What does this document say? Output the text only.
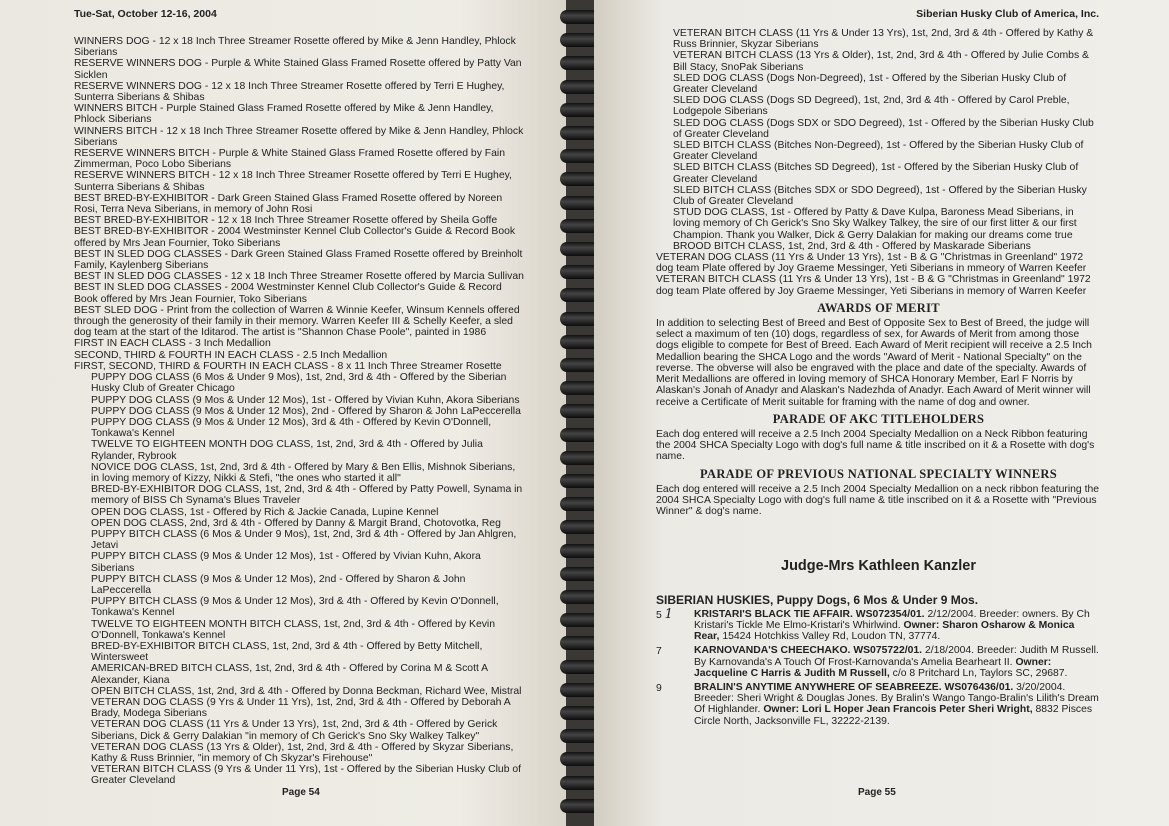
Tue-Sat, October 12-16, 2004

WINNERS DOG - 12 x 18 Inch Three Streamer Rosette offered by Mike & Jenn Handley, Phlock Siberians

RESERVE WINNERS DOG - Purple & White Stained Glass Framed Rosette offered by Patty Van Sicklen

RESERVE WINNERS DOG - 12 x 18 Inch Three Streamer Rosette offered by Terri E Hughey, Sunterra Siberians & Shibas

WINNERS BITCH - Purple Stained Glass Framed Rosette offered by Mike & Jenn Handley, Phlock Siberians

WINNERS BITCH - 12 x 18 Inch Three Streamer Rosette offered by Mike & Jenn Handley, Phlock Siberians

RESERVE WINNERS BITCH - Purple & White Stained Glass Framed Rosette offered by Fain Zimmerman, Poco Lobo Siberians

RESERVE WINNERS BITCH - 12 x 18 Inch Three Streamer Rosette offered by Terri E Hughey, Sunterra Siberians & Shibas

BEST BRED-BY-EXHIBITOR - Dark Green Stained Glass Framed Rosette offered by Noreen Rosi, Terra Neva Siberians, in memory of John Rosi

BEST BRED-BY-EXHIBITOR - 12 x 18 Inch Three Streamer Rosette offered by Sheila Goffe

BEST BRED-BY-EXHIBITOR - 2004 Westminster Kennel Club Collector's Guide & Record Book offered by Mrs Jean Fournier, Toko Siberians

BEST IN SLED DOG CLASSES - Dark Green Stained Glass Framed Rosette offered by Breinholt Family, Kaylenberg Siberians

BEST IN SLED DOG CLASSES - 12 x 18 Inch Three Streamer Rosette offered by Marcia Sullivan

BEST IN SLED DOG CLASSES - 2004 Westminster Kennel Club Collector's Guide & Record Book offered by Mrs Jean Fournier, Toko Siberians

BEST SLED DOG - Print from the collection of Warren & Winnie Keefer, Winsum Kennels offered through the generosity of their family in their memory. Warren Keefer III & Schelly Keefer, a sled dog team at the start of the Iditarod. The artist is "Shannon Chase Poole", painted in 1986

FIRST IN EACH CLASS - 3 Inch Medallion

SECOND, THIRD & FOURTH IN EACH CLASS - 2.5 Inch Medallion

FIRST, SECOND, THIRD & FOURTH IN EACH CLASS - 8 x 11 Inch Three Streamer Rosette

PUPPY DOG CLASS (6 Mos & Under 9 Mos), 1st, 2nd, 3rd & 4th - Offered by the Siberian Husky Club of Greater Chicago

PUPPY DOG CLASS (9 Mos & Under 12 Mos), 1st - Offered by Vivian Kuhn, Akora Siberians

PUPPY DOG CLASS (9 Mos & Under 12 Mos), 2nd - Offered by Sharon & John LaPeccerella

PUPPY DOG CLASS (9 Mos & Under 12 Mos), 3rd & 4th - Offered by Kevin O'Donnell, Tonkawa's Kennel

TWELVE TO EIGHTEEN MONTH DOG CLASS, 1st, 2nd, 3rd & 4th - Offered by Julia Rylander, Rybrook

NOVICE DOG CLASS, 1st, 2nd, 3rd & 4th - Offered by Mary & Ben Ellis, Mishnok Siberians, in loving memory of Kizzy, Nikki & Stefi, "the ones who started it all"

BRED-BY-EXHIBITOR DOG CLASS, 1st, 2nd, 3rd & 4th - Offered by Patty Powell, Synama in memory of BISS Ch Synama's Blues Traveler

OPEN DOG CLASS, 1st - Offered by Rich & Jackie Canada, Lupine Kennel

OPEN DOG CLASS, 2nd, 3rd & 4th - Offered by Danny & Margit Brand, Chotovotka, Reg

PUPPY BITCH CLASS (6 Mos & Under 9 Mos), 1st, 2nd, 3rd & 4th - Offered by Jan Ahlgren, Jetavi

PUPPY BITCH CLASS (9 Mos & Under 12 Mos), 1st - Offered by Vivian Kuhn, Akora Siberians

PUPPY BITCH CLASS (9 Mos & Under 12 Mos), 2nd - Offered by Sharon & John LaPeccerella

PUPPY BITCH CLASS (9 Mos & Under 12 Mos), 3rd & 4th - Offered by Kevin O'Donnell, Tonkawa's Kennel

TWELVE TO EIGHTEEN MONTH BITCH CLASS, 1st, 2nd, 3rd & 4th - Offered by Kevin O'Donnell, Tonkawa's Kennel

BRED-BY-EXHIBITOR BITCH CLASS, 1st, 2nd, 3rd & 4th - Offered by Betty Mitchell, Wintersweet

AMERICAN-BRED BITCH CLASS, 1st, 2nd, 3rd & 4th - Offered by Corina M & Scott A Alexander, Kiana

OPEN BITCH CLASS, 1st, 2nd, 3rd & 4th - Offered by Donna Beckman, Richard Wee, Mistral

VETERAN DOG CLASS (9 Yrs & Under 11 Yrs), 1st, 2nd, 3rd & 4th - Offered by Deborah A Brady, Modega Siberians

VETERAN DOG CLASS (11 Yrs & Under 13 Yrs), 1st, 2nd, 3rd & 4th - Offered by Gerick Siberians, Dick & Gerry Dalakian "in memory of Ch Gerick's Sno Sky Walkey Talkey"

VETERAN DOG CLASS (13 Yrs & Older), 1st, 2nd, 3rd & 4th - Offered by Skyzar Siberians, Kathy & Russ Brinnier, "in memory of Ch Skyzar's Firehouse"

VETERAN BITCH CLASS (9 Yrs & Under 11 Yrs), 1st - Offered by the Siberian Husky Club of Greater Cleveland

Page 54
Siberian Husky Club of America, Inc.

VETERAN BITCH CLASS (11 Yrs & Under 13 Yrs), 1st, 2nd, 3rd & 4th - Offered by Kathy & Russ Brinnier, Skyzar Siberians

VETERAN BITCH CLASS (13 Yrs & Older), 1st, 2nd, 3rd & 4th - Offered by Julie Combs & Bill Stacy, SnoPak Siberians

SLED DOG CLASS (Dogs Non-Degreed), 1st - Offered by the Siberian Husky Club of Greater Cleveland

SLED DOG CLASS (Dogs SD Degreed), 1st, 2nd, 3rd & 4th - Offered by Carol Preble, Lodgepole Siberians

SLED DOG CLASS (Dogs SDX or SDO Degreed), 1st - Offered by the Siberian Husky Club of Greater Cleveland

SLED BITCH CLASS (Bitches Non-Degreed), 1st - Offered by the Siberian Husky Club of Greater Cleveland

SLED BITCH CLASS (Bitches SD Degreed), 1st - Offered by the Siberian Husky Club of Greater Cleveland

SLED BITCH CLASS (Bitches SDX or SDO Degreed), 1st - Offered by the Siberian Husky Club of Greater Cleveland

STUD DOG CLASS, 1st - Offered by Patty & Dave Kulpa, Baroness Mead Siberians, in loving memory of Ch Gerick's Sno Sky Walkey Talkey, the sire of our first litter & our first Champion. Thank you Walker, Dick & Gerry Dalakian for making our dreams come true

BROOD BITCH CLASS, 1st, 2nd, 3rd & 4th - Offered by Maskarade Siberians

VETERAN DOG CLASS (11 Yrs & Under 13 Yrs), 1st - B & G "Christmas in Greenland" 1972 dog team Plate offered by Joy Graeme Messinger, Yeti Siberians in mmeory of Warren Keefer

VETERAN BITCH CLASS (11 Yrs & Under 13 Yrs), 1st - B & G "Christmas in Greenland" 1972 dog team Plate offered by Joy Graeme Messinger, Yeti Siberians in memory of Warren Keefer

AWARDS OF MERIT

In addition to selecting Best of Breed and Best of Opposite Sex to Best of Breed, the judge will select a maximum of ten (10) dogs, regardless of sex, for Awards of Merit from among those dogs eligible to compete for Best of Breed. Each Award of Merit recipient will receive a 2.5 Inch Medallion bearing the SHCA Logo and the words "Award of Merit - National Specialty" on the reverse. The obverse will also be engraved with the place and date of the specialty. Awards of Merit Medallions are offered in loving memory of SHCA Honorary Member, Earl F Norris by Alaskan's Jonah of Anadyr and Alaskan's Nadezhda of Anadyr. Each Award of Merit winner will receive a Certificate of Merit suitable for framing with the name of dog and owner.

PARADE OF AKC TITLEHOLDERS

Each dog entered will receive a 2.5 Inch 2004 Specialty Medallion on a Neck Ribbon featuring the 2004 SHCA Specialty Logo with dog's full name & title inscribed on it & a Rosette with dog's name.

PARADE OF PREVIOUS NATIONAL SPECIALTY WINNERS

Each dog entered will receive a 2.5 Inch 2004 Specialty Medallion on a neck ribbon featuring the 2004 SHCA Specialty Logo with dog's full name & title inscribed on it & a Rosette with "Previous Winner" & dog's name.

Judge-Mrs Kathleen Kanzler
SIBERIAN HUSKIES, Puppy Dogs, 6 Mos & Under 9 Mos.
5 1	KRISTARI'S BLACK TIE AFFAIR. WS072354/01. 2/12/2004. Breeder: owners. By Ch Kristari's Tickle Me Elmo-Kristari's Whirlwind. Owner: Sharon Osharow & Monica Rear, 15424 Hotchkiss Valley Rd, Loudon TN, 37774.
7	KARNOVANDA'S CHEECHAKO. WS075722/01. 2/18/2004. Breeder: Judith M Russell. By Karnovanda's A Touch Of Frost-Karnovanda's Amelia Bearheart II. Owner: Jacqueline C Harris & Judith M Russell, c/o 8 Pritchard Ln, Taylors SC, 29687.
9	BRALIN'S ANYTIME ANYWHERE OF SEABREEZE. WS076436/01. 3/20/2004. Breeder: Sheri Wright & Douglas Jones. By Bralin's Wango Tango-Bralin's Lilith's Dream Of Highlander. Owner: Lori L Hoper Jean Francois Peter Sheri Wright, 8832 Pisces Circle North, Jacksonville FL, 32222-2139.
Page 55
